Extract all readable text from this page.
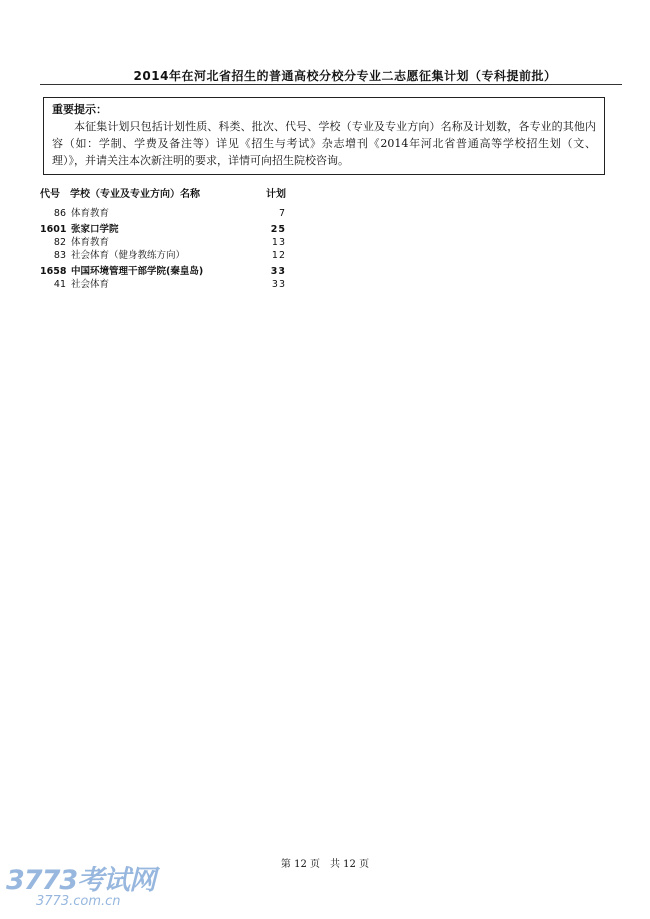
2014年在河北省招生的普通高校分校分专业二志愿征集计划（专科提前批）
重要提示：

本征集计划只包括计划性质、科类、批次、代号、学校（专业及专业方向）名称及计划数，各专业的其他内容（如：学制、学费及备注等）详见《招生与考试》杂志增刊《2014年河北省普通高等学校招生划（文、理）》，并请关注本次新注明的要求，详情可向招生院校咨询。

代号 学校（专业及专业方向）名称	计划
86 体育教育	7
1601 张家口学院	25
82 体育教育	13
83 社会体育（健身教练方向）	12
1658 中国环境管理干部学院(秦皇岛)	33
41 社会体育	33
第 12 页　共 12 页
3773考试网
3773.com.cn
